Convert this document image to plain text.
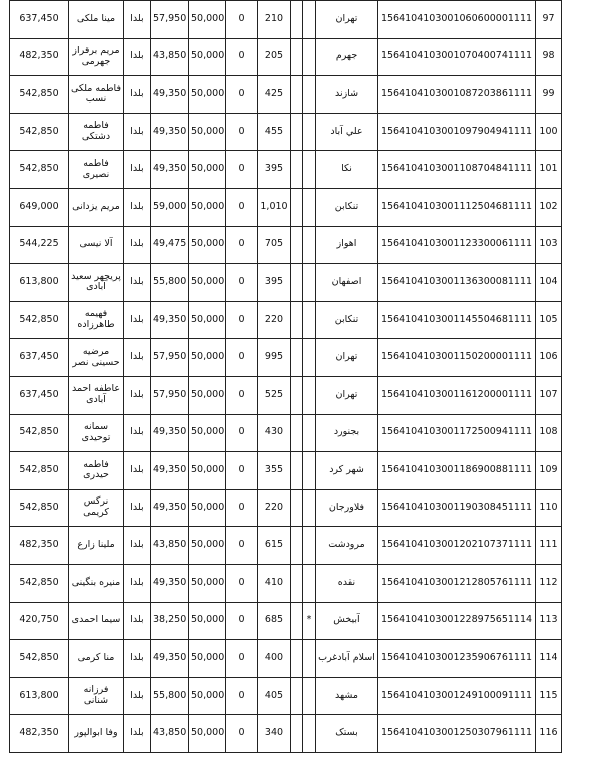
637,450	مینا ملکی	بلدا	57,950	50,000	0	210			تهران	1564104103001060600001111	97
482,350	مریم برقراز جهرمی	بلدا	43,850	50,000	0	205			جهرم	1564104103001070400741111	98
542,850	فاطمه ملکی نسب	بلدا	49,350	50,000	0	425			شازند	1564104103001087203861111	99
542,850	فاطمه دشتکی	بلدا	49,350	50,000	0	455			علي آباد	1564104103001097904941111	100
542,850	فاطمه نصیری	بلدا	49,350	50,000	0	395			نکا	1564104103001108704841111	101
649,000	مریم یزدانی	بلدا	59,000	50,000	0	1,010			تنکابن	1564104103001112504681111	102
544,225	آلا نیسی	بلدا	49,475	50,000	0	705			اهواز	1564104103001123300061111	103
613,800	پریچهر سعید آبادی	بلدا	55,800	50,000	0	395			اصفهان	1564104103001136300081111	104
542,850	فهیمه طاهرزاده	بلدا	49,350	50,000	0	220			تنکابن	1564104103001145504681111	105
637,450	مرضیه حسینی نصر	بلدا	57,950	50,000	0	995			تهران	1564104103001150200001111	106
637,450	عاطفه احمد آبادی	بلدا	57,950	50,000	0	525			تهران	1564104103001161200001111	107
542,850	سمانه توحیدی	بلدا	49,350	50,000	0	430			بجنورد	1564104103001172500941111	108
542,850	فاطمه حیدری	بلدا	49,350	50,000	0	355			شهر کرد	1564104103001186900881111	109
542,850	نرگس کریمی	بلدا	49,350	50,000	0	220			فلاورجان	1564104103001190308451111	110
482,350	ملینا زارع	بلدا	43,850	50,000	0	615			مرودشت	1564104103001202107371111	111
542,850	منیره بنگینی	بلدا	49,350	50,000	0	410			نقده	1564104103001212805761111	112
420,750	سیما احمدی	بلدا	38,250	50,000	0	685		*	آبیخش	1564104103001228975651114	113
542,850	منا کرمی	بلدا	49,350	50,000	0	400			اسلام آبادغرب	1564104103001235906761111	114
613,800	فرزانه شنانی	بلدا	55,800	50,000	0	405			مشهد	1564104103001249100091111	115
482,350	وفا ابوالپور	بلدا	43,850	50,000	0	340			بستک	1564104103001250307961111	116
